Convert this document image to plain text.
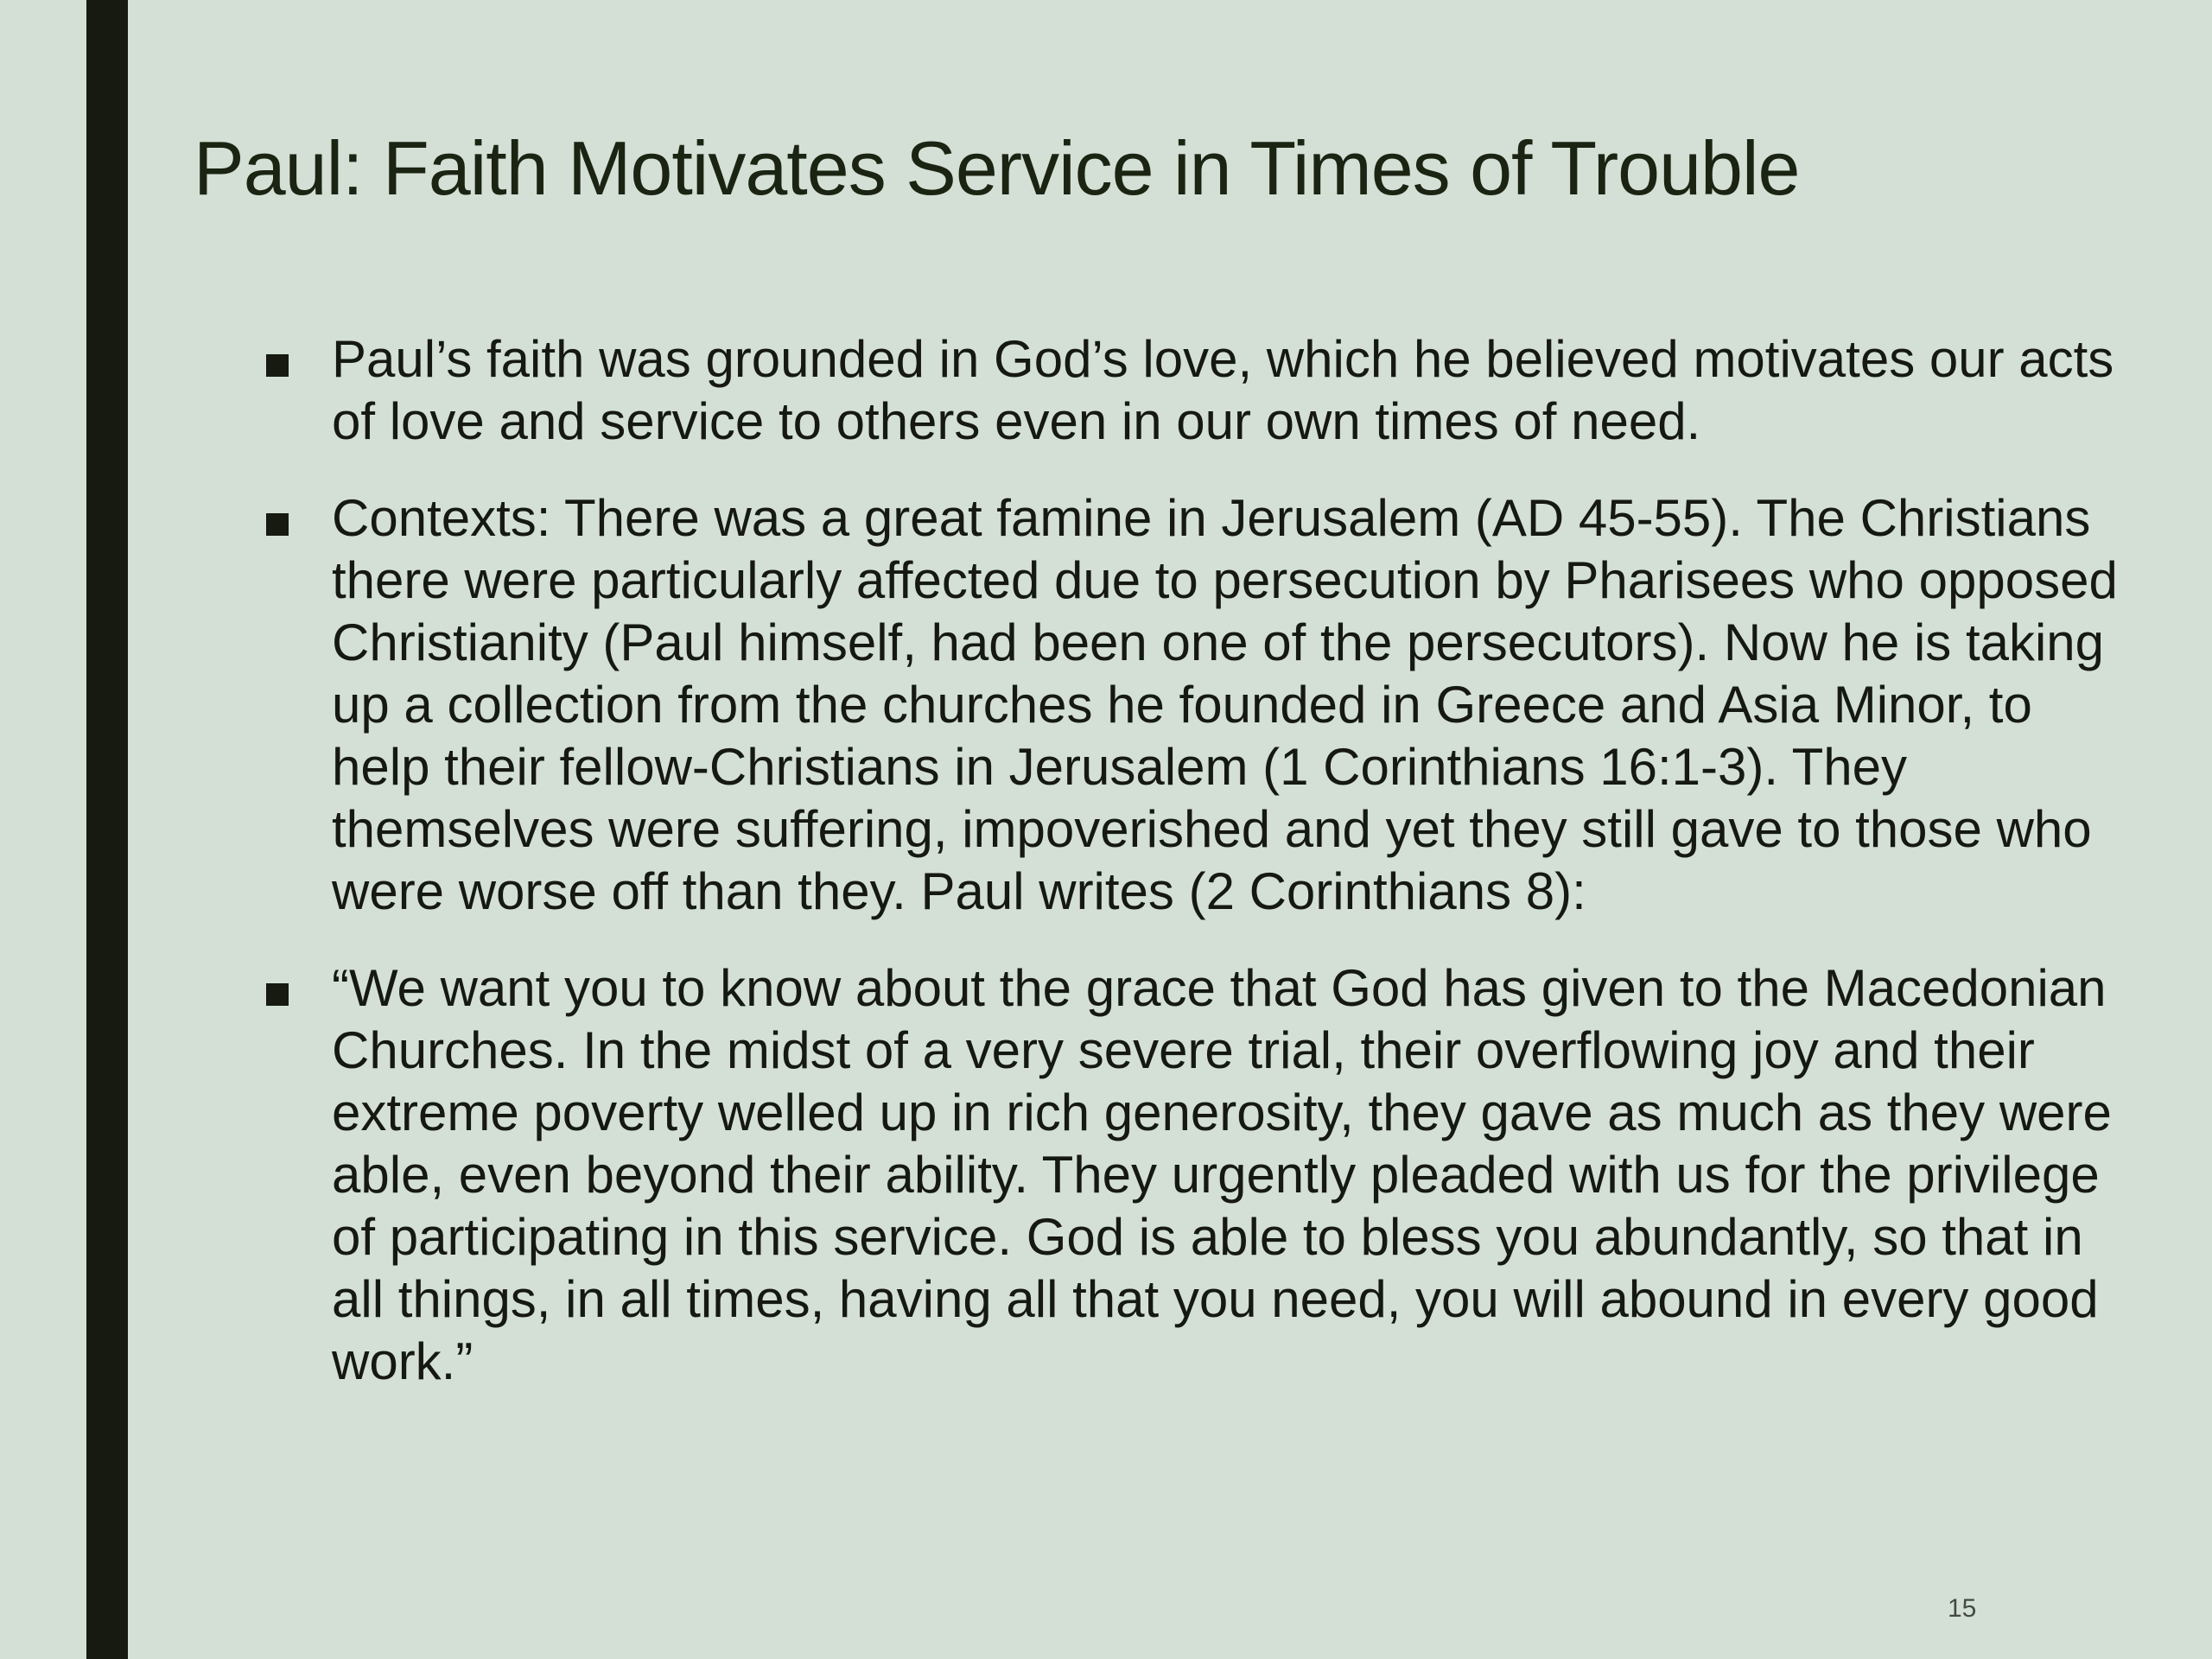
Paul: Faith Motivates Service in Times of Trouble
Paul’s faith was grounded in God’s love, which he believed motivates our acts of love and service to others even in our own times of need.
Contexts: There was a great famine in Jerusalem (AD 45-55). The Christians there were particularly affected due to persecution by Pharisees who opposed Christianity (Paul himself, had been one of the persecutors). Now he is taking up a collection from the churches he founded in Greece and Asia Minor, to help their fellow-Christians in Jerusalem (1 Corinthians 16:1-3). They themselves were suffering, impoverished and yet they still gave to those who were worse off than they. Paul writes (2 Corinthians 8):
“We want you to know about the grace that God has given to the Macedonian Churches. In the midst of a very severe trial, their overflowing joy and their extreme poverty welled up in rich generosity, they gave as much as they were able, even beyond their ability. They urgently pleaded with us for the privilege of participating in this service. God is able to bless you abundantly, so that in all things, in all times, having all that you need, you will abound in every good work.”
15
